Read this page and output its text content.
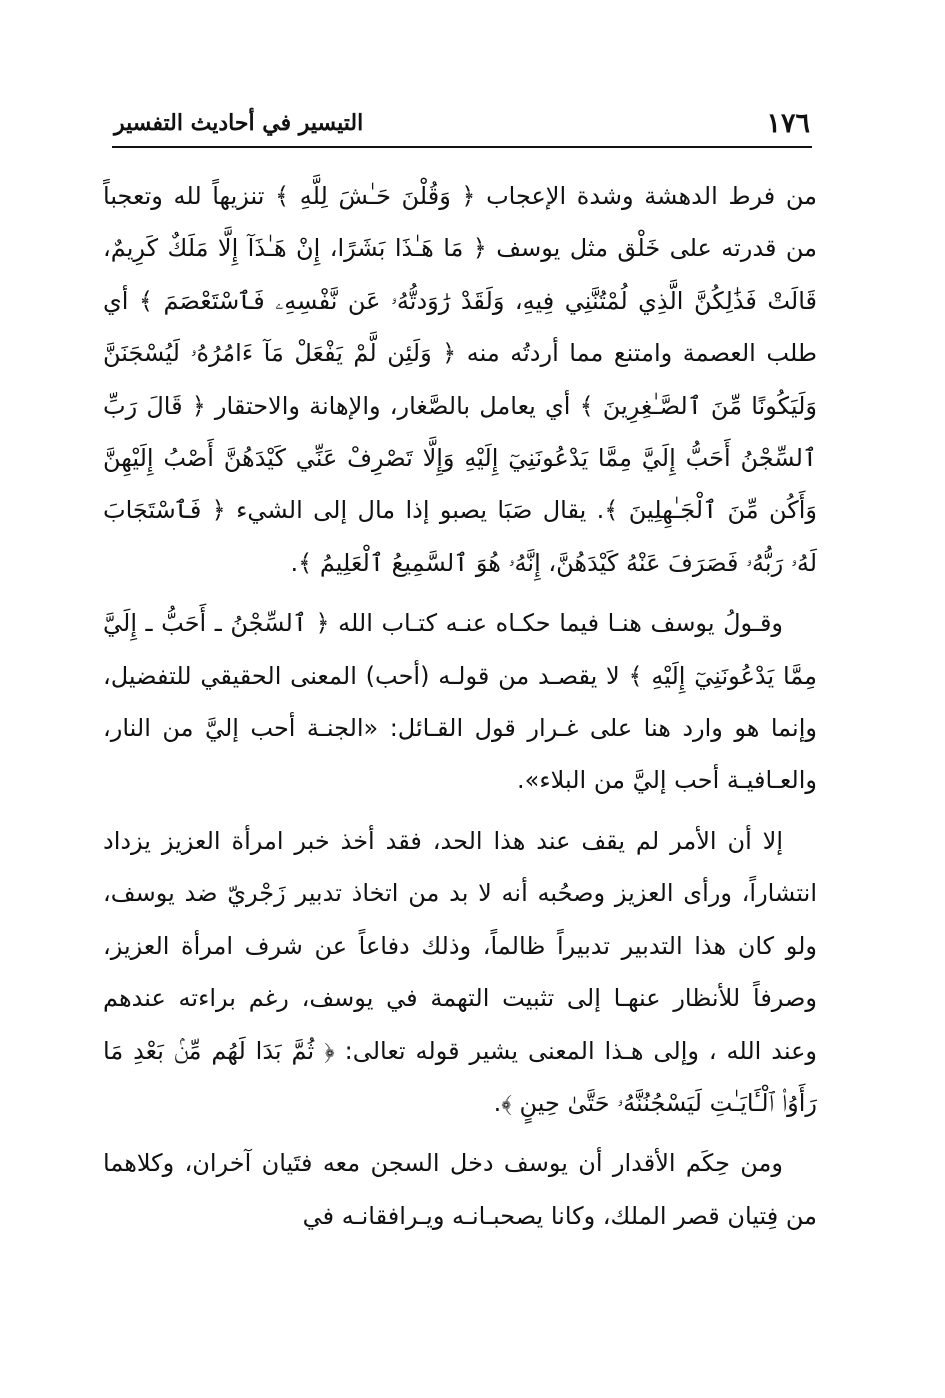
١٧٦
التيسير في أحاديث التفسير

من فرط الدهشة وشدة الإعجاب ﴿ وَقُلْنَ حَـٰشَ لِلَّهِ ﴾ تنزيهاً لله وتعجباً من قدرته على خَلْق مثل يوسف ﴿ مَا هَـٰذَا بَشَرًا، إِنْ هَـٰذَآ إِلَّا مَلَكٌ كَرِيمٌ، قَالَتْ فَذَٰلِكُنَّ الَّذِي لُمْتُنَّنِي فِيهِ، وَلَقَدْ رَٰوَدتُّهُۥ عَن نَّفْسِهِۦ فَٱسْتَعْصَمَ ﴾ أي طلب العصمة وامتنع مما أردتُه منه ﴿ وَلَئِن لَّمْ يَفْعَلْ مَآ ءَامُرُهُۥ لَيُسْجَنَنَّ وَلَيَكُونًا مِّنَ ٱلصَّـٰغِرِينَ ﴾ أي يعامل بالصَّغار، والإهانة والاحتقار ﴿ قَالَ رَبِّ ٱلسِّجْنُ أَحَبُّ إِلَيَّ مِمَّا يَدْعُونَنِيٓ إِلَيْهِ وَإِلَّا تَصْرِفْ عَنِّي كَيْدَهُنَّ أَصْبُ إِلَيْهِنَّ وَأَكُن مِّنَ ٱلْجَـٰهِلِينَ ﴾. يقال صَبَا يصبو إذا مال إلى الشيء ﴿ فَٱسْتَجَابَ لَهُۥ رَبُّهُۥ فَصَرَفَ عَنْهُ كَيْدَهُنَّ، إِنَّهُۥ هُوَ ٱلسَّمِيعُ ٱلْعَلِيمُ ﴾.

وقـولُ يوسف هنـا فيما حكـاه عنـه كتـاب الله ﴿ ٱلسِّجْنُ ـ أَحَبُّ ـ إِلَيَّ مِمَّا يَدْعُونَنِيٓ إِلَيْهِ ﴾ لا يقصـد من قولـه (أحب) المعنى الحقيقي للتفضيل، وإنما هو وارد هنا على غـرار قول القـائل: «الجنـة أحب إليَّ من النار، والعـافيـة أحب إليَّ من البلاء».

إلا أن الأمر لم يقف عند هذا الحد، فقد أخذ خبر امرأة العزيز يزداد انتشاراً، ورأى العزيز وصحُبه أنه لا بد من اتخاذ تدبير زَجْريّ ضد يوسف، ولو كان هذا التدبير تدبيراً ظالماً، وذلك دفاعاً عن شرف امرأة العزيز، وصرفاً للأنظار عنهـا إلى تثبيت التهمة في يوسف، رغم براءته عندهم وعند الله ، وإلى هـذا المعنى يشير قوله تعالى: ﴿ ثُمَّ بَدَا لَهُم مِّنۢ بَعْدِ مَا رَأَوُا۟ ٱلْـَٔايَـٰتِ لَيَسْجُنُنَّهُۥ حَتَّىٰ حِينٍ ﴾.

ومن حِكَم الأقدار أن يوسف دخل السجن معه فتَيان آخران، وكلاهما من فِتيان قصر الملك، وكانا يصحبـانـه ويـرافقانـه في
